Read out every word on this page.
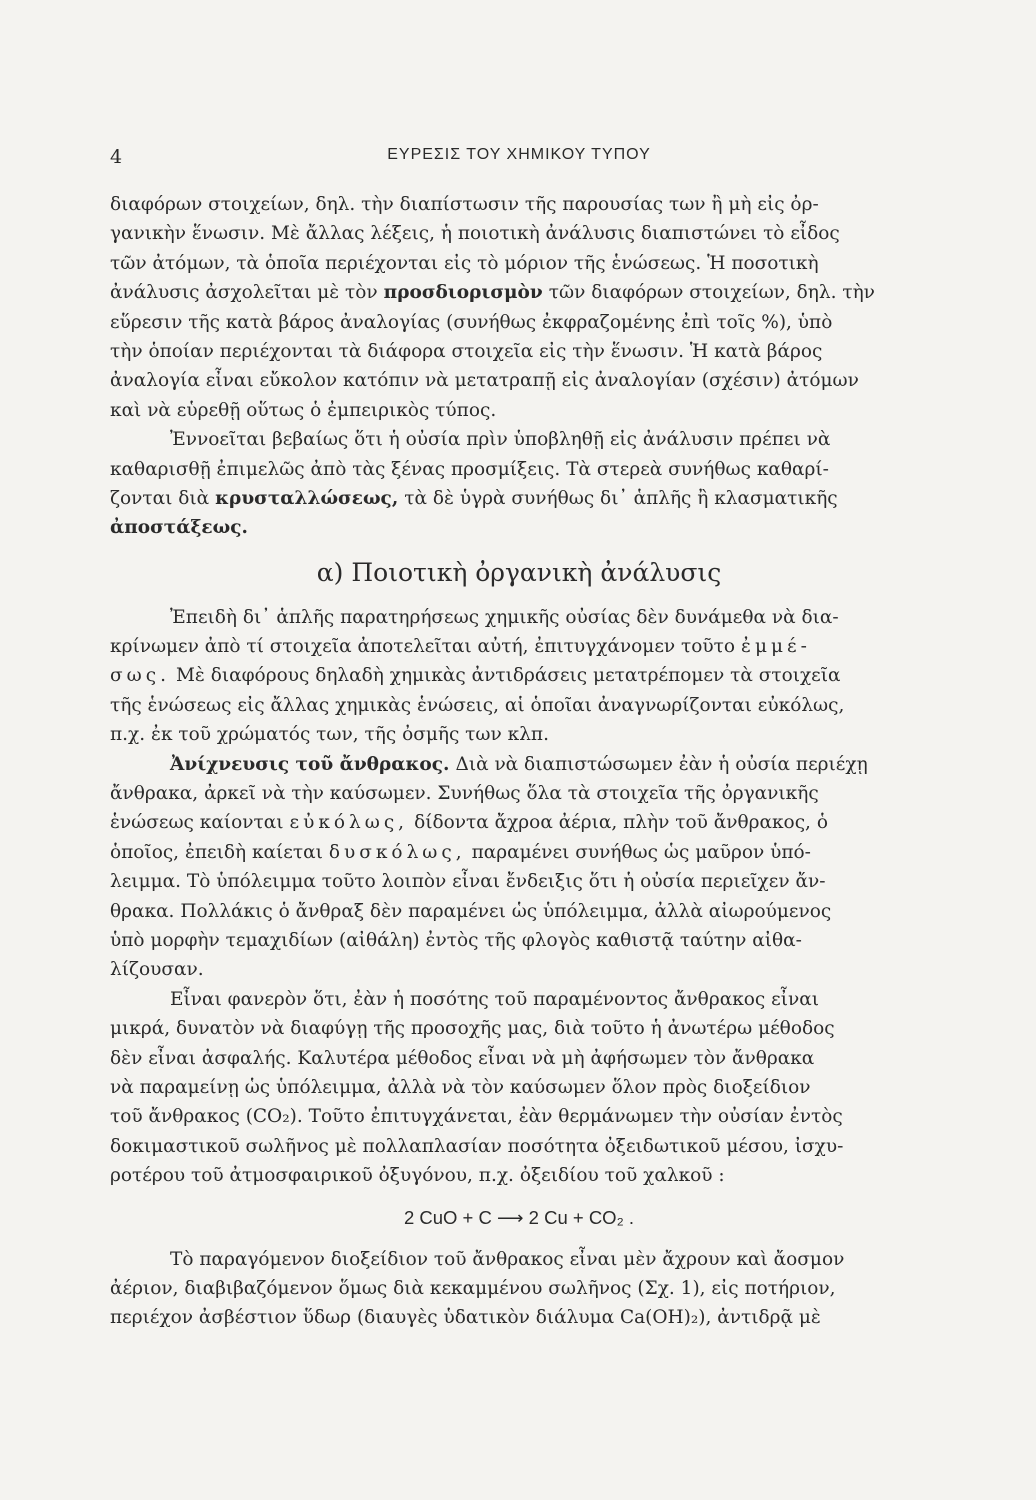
4	ΕΥΡΕΣΙΣ ΤΟΥ ΧΗΜΙΚΟΥ ΤΥΠΟΥ
διαφόρων στοιχείων, δηλ. τὴν διαπίστωσιν τῆς παρουσίας των ἢ μὴ εἰς ὀρ-
γανικὴν ἕνωσιν. Μὲ ἄλλας λέξεις, ἡ ποιοτικὴ ἀνάλυσις διαπιστώνει τὸ εἶδος
τῶν ἀτόμων, τὰ ὁποῖα περιέχονται εἰς τὸ μόριον τῆς ἑνώσεως. Ἡ ποσοτικὴ
ἀνάλυσις ἀσχολεῖται μὲ τὸν προσδιορισμὸν τῶν διαφόρων στοιχείων, δηλ. τὴν
εὕρεσιν τῆς κατὰ βάρος ἀναλογίας (συνήθως ἐκφραζομένης ἐπὶ τοῖς %), ὑπὸ
τὴν ὁποίαν περιέχονται τὰ διάφορα στοιχεῖα εἰς τὴν ἕνωσιν. Ἡ κατὰ βάρος
ἀναλογία εἶναι εὔκολον κατόπιν νὰ μετατραπῇ εἰς ἀναλογίαν (σχέσιν) ἀτόμων
καὶ νὰ εὑρεθῇ οὕτως ὁ ἐμπειρικὸς τύπος.
Ἐννοεῖται βεβαίως ὅτι ἡ οὐσία πρὶν ὑποβληθῇ εἰς ἀνάλυσιν πρέπει νὰ
καθαρισθῇ ἐπιμελῶς ἀπὸ τὰς ξένας προσμίξεις. Τὰ στερεὰ συνήθως καθαρί-
ζονται διὰ κρυσταλλώσεως, τὰ δὲ ὑγρὰ συνήθως δι᾽ ἁπλῆς ἢ κλασματικῆς
ἀποστάξεως.
α) Ποιοτικὴ ὀργανικὴ ἀνάλυσις
Ἐπειδὴ δι᾽ ἁπλῆς παρατηρήσεως χημικῆς οὐσίας δὲν δυνάμεθα νὰ δια-
κρίνωμεν ἀπὸ τί στοιχεῖα ἀποτελεῖται αὐτή, ἐπιτυγχάνομεν τοῦτο ἐμμέ-
σως. Μὲ διαφόρους δηλαδὴ χημικὰς ἀντιδράσεις μετατρέπομεν τὰ στοιχεῖα
τῆς ἑνώσεως εἰς ἄλλας χημικὰς ἑνώσεις, αἱ ὁποῖαι ἀναγνωρίζονται εὐκόλως,
π.χ. ἐκ τοῦ χρώματός των, τῆς ὀσμῆς των κλπ.
Ἀνίχνευσις τοῦ ἄνθρακος. Διὰ νὰ διαπιστώσωμεν ἐὰν ἡ οὐσία περιέχῃ
ἄνθρακα, ἀρκεῖ νὰ τὴν καύσωμεν. Συνήθως ὅλα τὰ στοιχεῖα τῆς ὀργανικῆς
ἑνώσεως καίονται εὐκόλως, δίδοντα ἄχροα ἀέρια, πλὴν τοῦ ἄνθρακος, ὁ
ὁποῖος, ἐπειδὴ καίεται δυσκόλως, παραμένει συνήθως ὡς μαῦρον ὑπό-
λειμμα. Τὸ ὑπόλειμμα τοῦτο λοιπὸν εἶναι ἔνδειξις ὅτι ἡ οὐσία περιεῖχεν ἄν-
θρακα. Πολλάκις ὁ ἄνθραξ δὲν παραμένει ὡς ὑπόλειμμα, ἀλλὰ αἰωρούμενος
ὑπὸ μορφὴν τεμαχιδίων (αἰθάλη) ἐντὸς τῆς φλογὸς καθιστᾷ ταύτην αἰθα-
λίζουσαν.
Εἶναι φανερὸν ὅτι, ἐὰν ἡ ποσότης τοῦ παραμένοντος ἄνθρακος εἶναι
μικρά, δυνατὸν νὰ διαφύγῃ τῆς προσοχῆς μας, διὰ τοῦτο ἡ ἀνωτέρω μέθοδος
δὲν εἶναι ἀσφαλής. Καλυτέρα μέθοδος εἶναι νὰ μὴ ἀφήσωμεν τὸν ἄνθρακα
νὰ παραμείνῃ ὡς ὑπόλειμμα, ἀλλὰ νὰ τὸν καύσωμεν ὅλον πρὸς διοξείδιον
τοῦ ἄνθρακος (CO₂). Τοῦτο ἐπιτυγχάνεται, ἐὰν θερμάνωμεν τὴν οὐσίαν ἐντὸς
δοκιμαστικοῦ σωλῆνος μὲ πολλαπλασίαν ποσότητα ὀξειδωτικοῦ μέσου, ἰσχυ-
ροτέρου τοῦ ἀτμοσφαιρικοῦ ὀξυγόνου, π.χ. ὀξειδίου τοῦ χαλκοῦ :
2 CuO + C ⟶ 2 Cu + CO₂ .
Τὸ παραγόμενον διοξείδιον τοῦ ἄνθρακος εἶναι μὲν ἄχρουν καὶ ἄοσμον
ἀέριον, διαβιβαζόμενον ὅμως διὰ κεκαμμένου σωλῆνος (Σχ. 1), εἰς ποτήριον,
περιέχον ἀσβέστιον ὕδωρ (διαυγὲς ὑδατικὸν διάλυμα Ca(OH)₂), ἀντιδρᾷ μὲ
